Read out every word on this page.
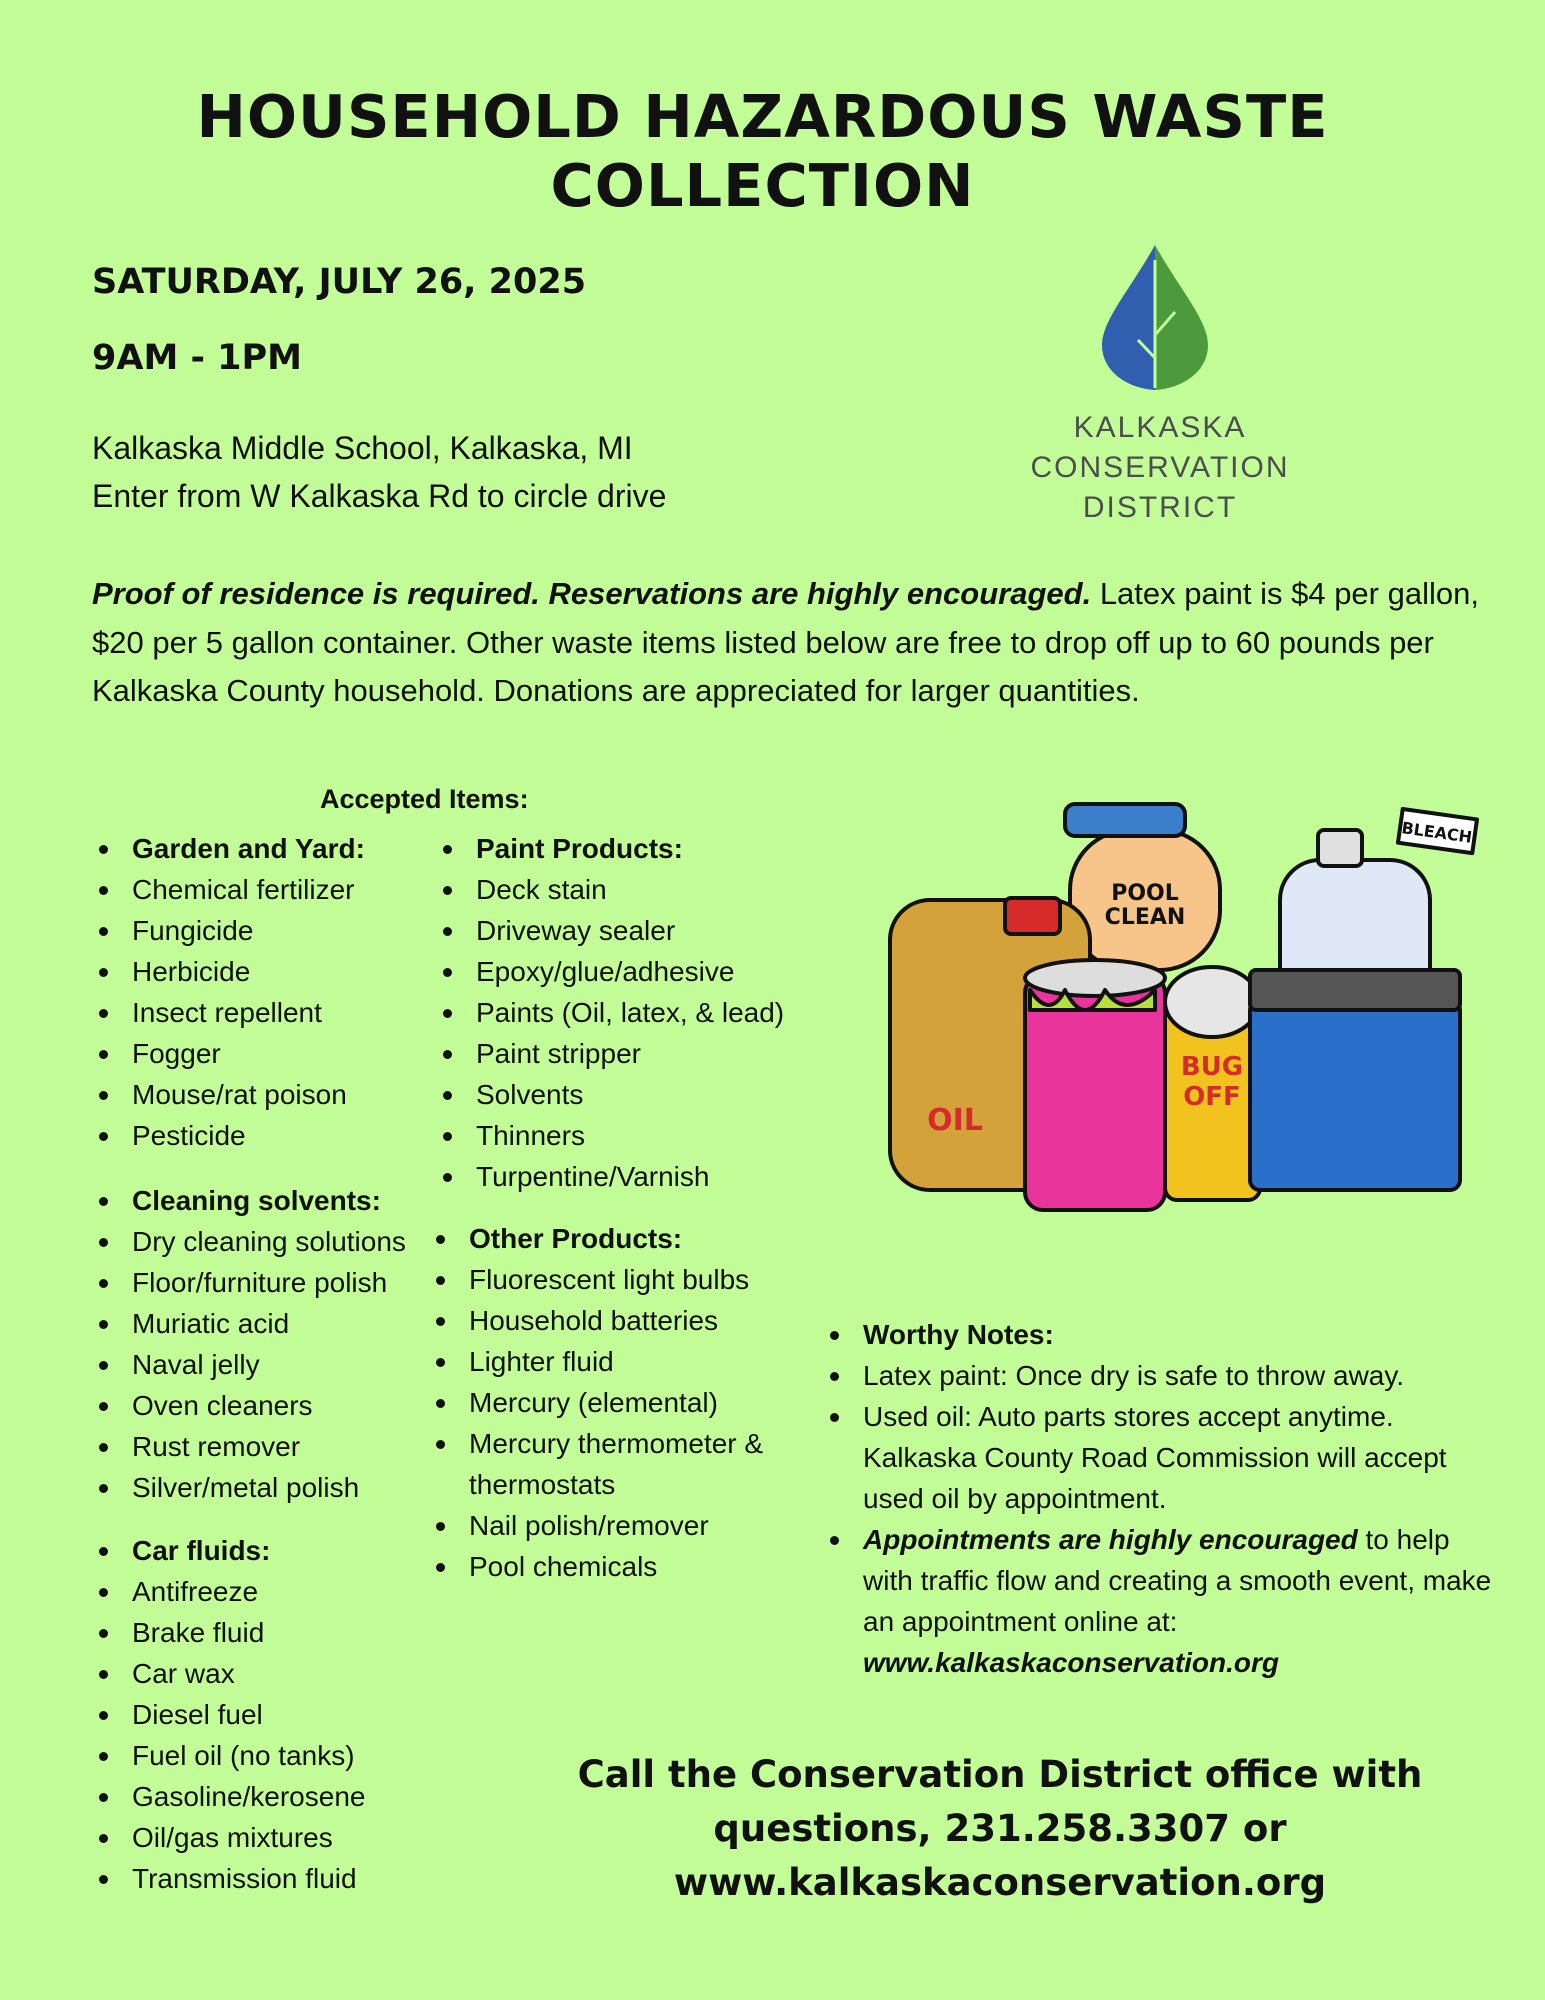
HOUSEHOLD HAZARDOUS WASTE
COLLECTION
SATURDAY, JULY 26, 2025
9AM - 1PM
Kalkaska Middle School, Kalkaska, MI
Enter from W Kalkaska Rd to circle drive
KALKASKA
CONSERVATION
DISTRICT
Proof of residence is required. Reservations are highly encouraged. Latex paint is $4 per gallon, $20 per 5 gallon container. Other waste items listed below are free to drop off up to 60 pounds per Kalkaska County household. Donations are appreciated for larger quantities.
Accepted Items:
Garden and Yard:
Chemical fertilizer
Fungicide
Herbicide
Insect repellent
Fogger
Mouse/rat poison
Pesticide
Cleaning solvents:
Dry cleaning solutions
Floor/furniture polish
Muriatic acid
Naval jelly
Oven cleaners
Rust remover
Silver/metal polish
Car fluids:
Antifreeze
Brake fluid
Car wax
Diesel fuel
Fuel oil (no tanks)
Gasoline/kerosene
Oil/gas mixtures
Transmission fluid
Paint Products:
Deck stain
Driveway sealer
Epoxy/glue/adhesive
Paints (Oil, latex, & lead)
Paint stripper
Solvents
Thinners
Turpentine/Varnish
Other Products:
Fluorescent light bulbs
Household batteries
Lighter fluid
Mercury (elemental)
Mercury thermometer & thermostats
Nail polish/remover
Pool chemicals
Worthy Notes:
Latex paint: Once dry is safe to throw away.
Used oil: Auto parts stores accept anytime. Kalkaska County Road Commission will accept used oil by appointment.
Appointments are highly encouraged to help with traffic flow and creating a smooth event, make an appointment online at:
www.kalkaskaconservation.org
POOL
CLEAN
BLEACH
OIL
BUG
OFF
Call the Conservation District office with
questions, 231.258.3307 or
www.kalkaskaconservation.org
